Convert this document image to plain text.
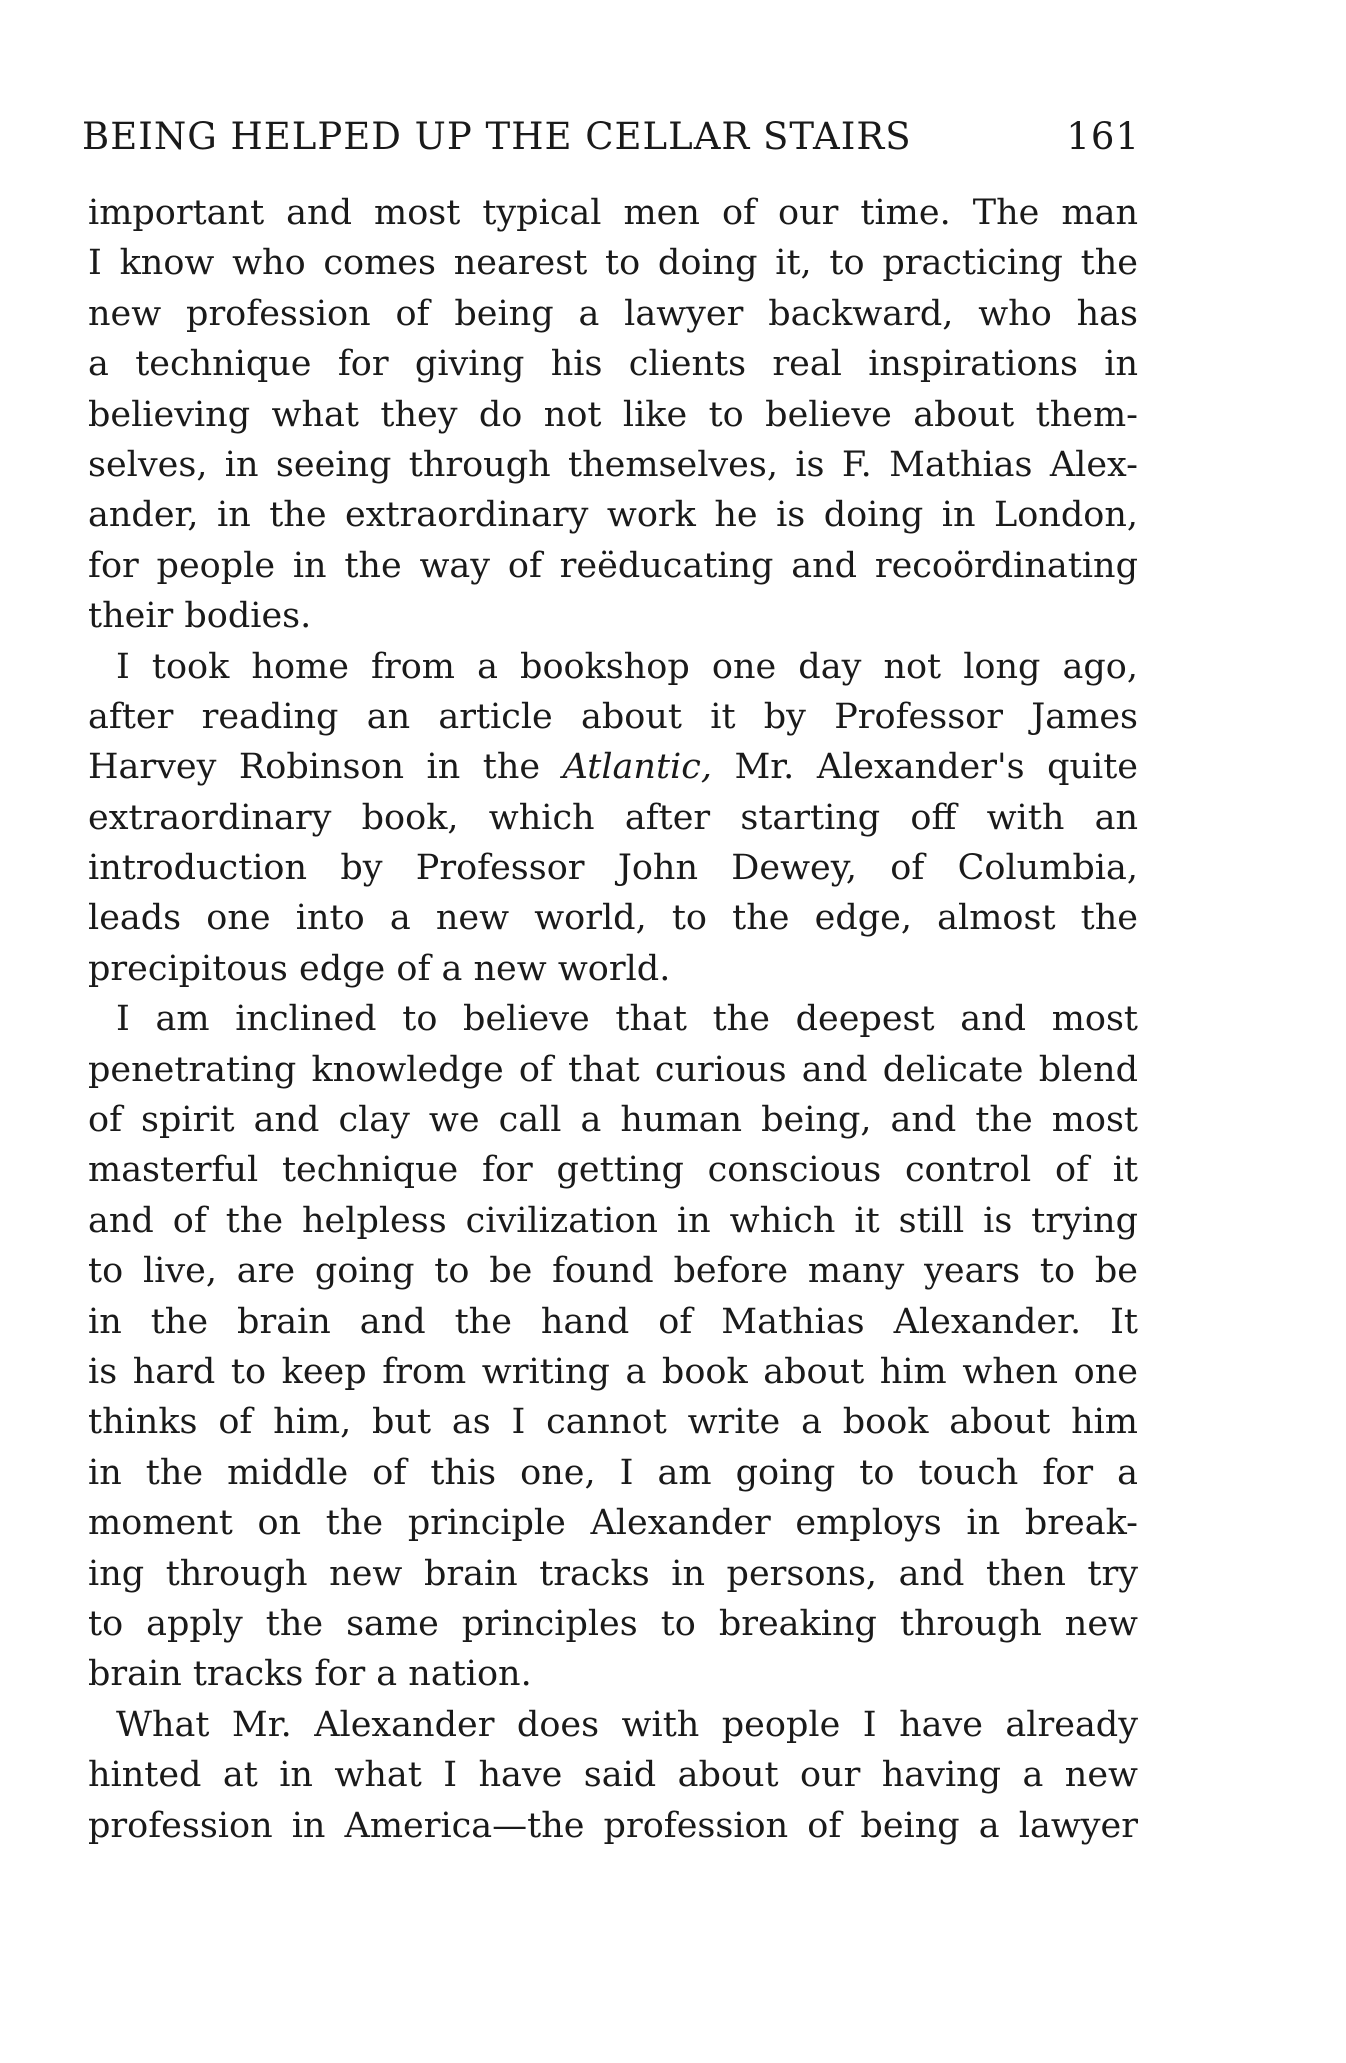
BEING HELPED UP THE CELLAR STAIRS	161
important and most typical men of our time. The man
I know who comes nearest to doing it, to practicing the
new profession of being a lawyer backward, who has
a technique for giving his clients real inspirations in
believing what they do not like to believe about them-
selves, in seeing through themselves, is F. Mathias Alex-
ander, in the extraordinary work he is doing in London,
for people in the way of reëducating and recoördinating
their bodies.
I took home from a bookshop one day not long ago,
after reading an article about it by Professor James
Harvey Robinson in the Atlantic, Mr. Alexander's quite
extraordinary book, which after starting off with an
introduction by Professor John Dewey, of Columbia,
leads one into a new world, to the edge, almost the
precipitous edge of a new world.
I am inclined to believe that the deepest and most
penetrating knowledge of that curious and delicate blend
of spirit and clay we call a human being, and the most
masterful technique for getting conscious control of it
and of the helpless civilization in which it still is trying
to live, are going to be found before many years to be
in the brain and the hand of Mathias Alexander. It
is hard to keep from writing a book about him when one
thinks of him, but as I cannot write a book about him
in the middle of this one, I am going to touch for a
moment on the principle Alexander employs in break-
ing through new brain tracks in persons, and then try
to apply the same principles to breaking through new
brain tracks for a nation.
What Mr. Alexander does with people I have already
hinted at in what I have said about our having a new
profession in America—the profession of being a lawyer
